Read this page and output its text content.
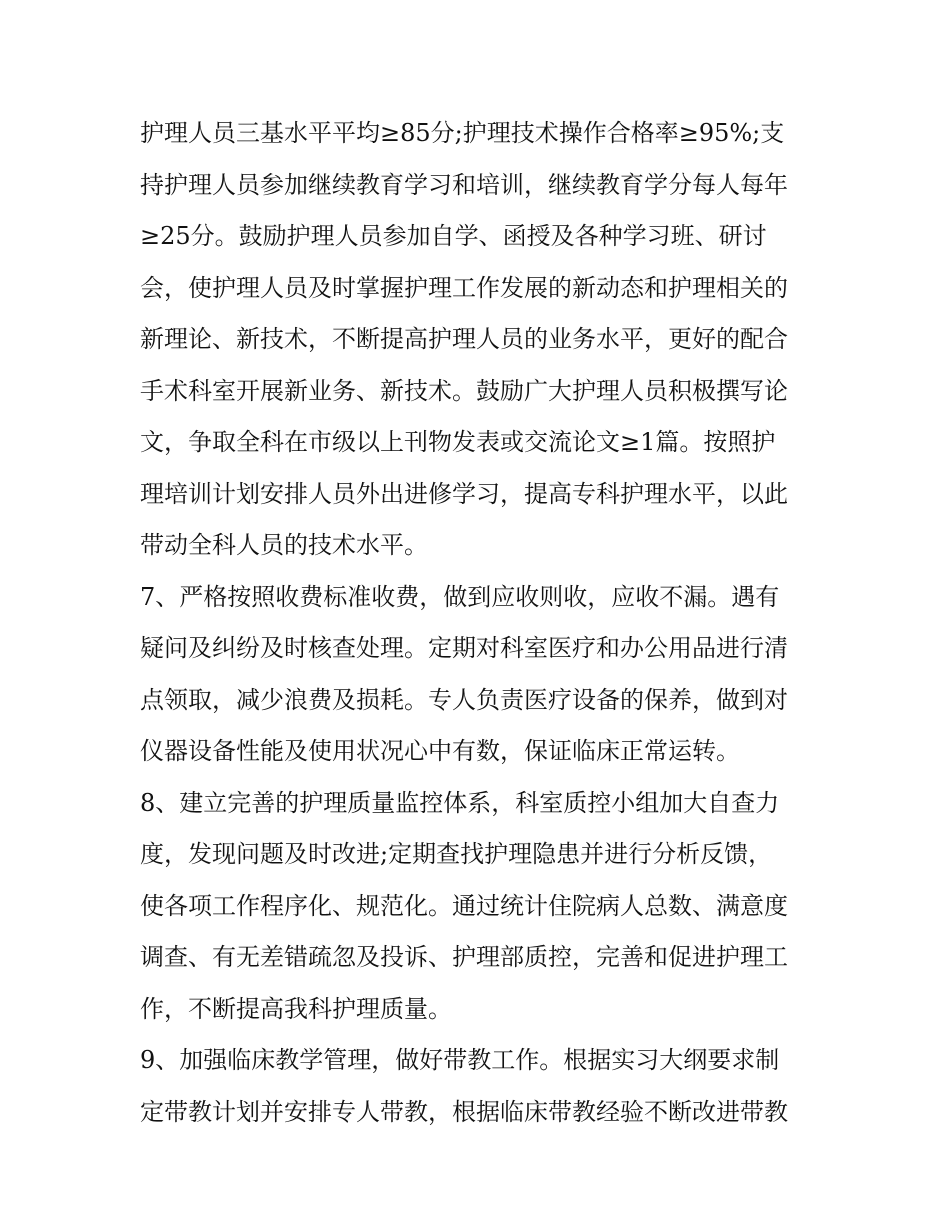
护理人员三基水平平均≥85分;护理技术操作合格率≥95%;支
持护理人员参加继续教育学习和培训，继续教育学分每人每年
≥25分。鼓励护理人员参加自学、函授及各种学习班、研讨
会，使护理人员及时掌握护理工作发展的新动态和护理相关的
新理论、新技术，不断提高护理人员的业务水平，更好的配合
手术科室开展新业务、新技术。鼓励广大护理人员积极撰写论
文，争取全科在市级以上刊物发表或交流论文≥1篇。按照护
理培训计划安排人员外出进修学习，提高专科护理水平，以此
带动全科人员的技术水平。
7、严格按照收费标准收费，做到应收则收，应收不漏。遇有
疑问及纠纷及时核查处理。定期对科室医疗和办公用品进行清
点领取，减少浪费及损耗。专人负责医疗设备的保养，做到对
仪器设备性能及使用状况心中有数，保证临床正常运转。
8、建立完善的护理质量监控体系，科室质控小组加大自查力
度，发现问题及时改进;定期查找护理隐患并进行分析反馈，
使各项工作程序化、规范化。通过统计住院病人总数、满意度
调查、有无差错疏忽及投诉、护理部质控，完善和促进护理工
作，不断提高我科护理质量。
9、加强临床教学管理，做好带教工作。根据实习大纲要求制
定带教计划并安排专人带教，根据临床带教经验不断改进带教
